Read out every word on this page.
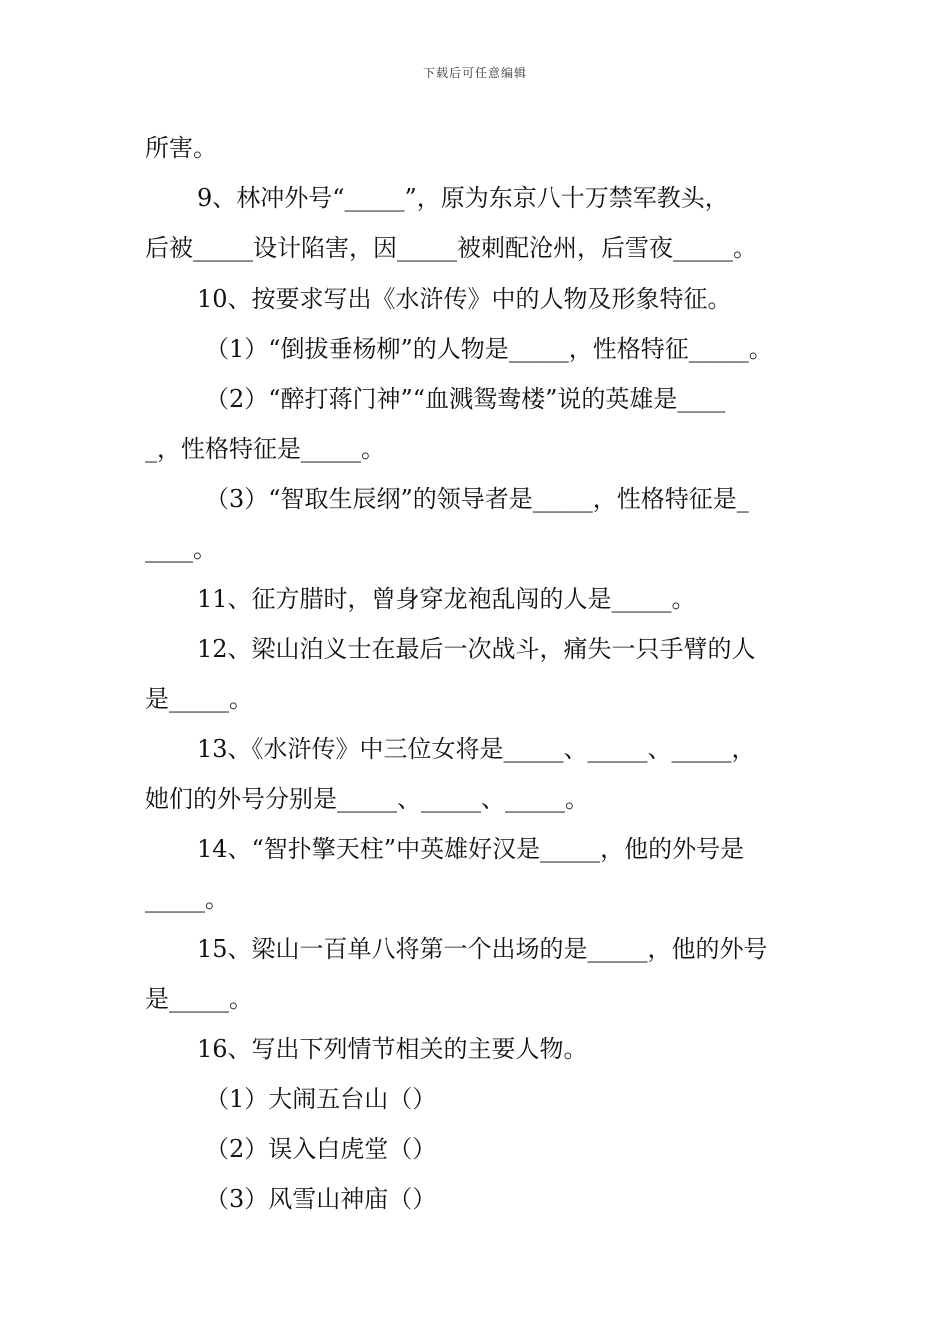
下载后可任意编辑
所害。
9、林冲外号“_____”，原为东京八十万禁军教头，
后被_____设计陷害，因_____被刺配沧州，后雪夜_____。
10、按要求写出《水浒传》中的人物及形象特征。
（1）“倒拔垂杨柳”的人物是_____，性格特征_____。
（2）“醉打蒋门神”“血溅鸳鸯楼”说的英雄是____
_，性格特征是_____。
（3）“智取生辰纲”的领导者是_____，性格特征是_
____。
11、征方腊时，曾身穿龙袍乱闯的人是_____。
12、梁山泊义士在最后一次战斗，痛失一只手臂的人
是_____。
13、《水浒传》中三位女将是_____、_____、_____，
她们的外号分别是_____、_____、_____。
14、“智扑擎天柱”中英雄好汉是_____，他的外号是
_____。
15、梁山一百单八将第一个出场的是_____，他的外号
是_____。
16、写出下列情节相关的主要人物。
（1）大闹五台山（）
（2）误入白虎堂（）
（3）风雪山神庙（）
